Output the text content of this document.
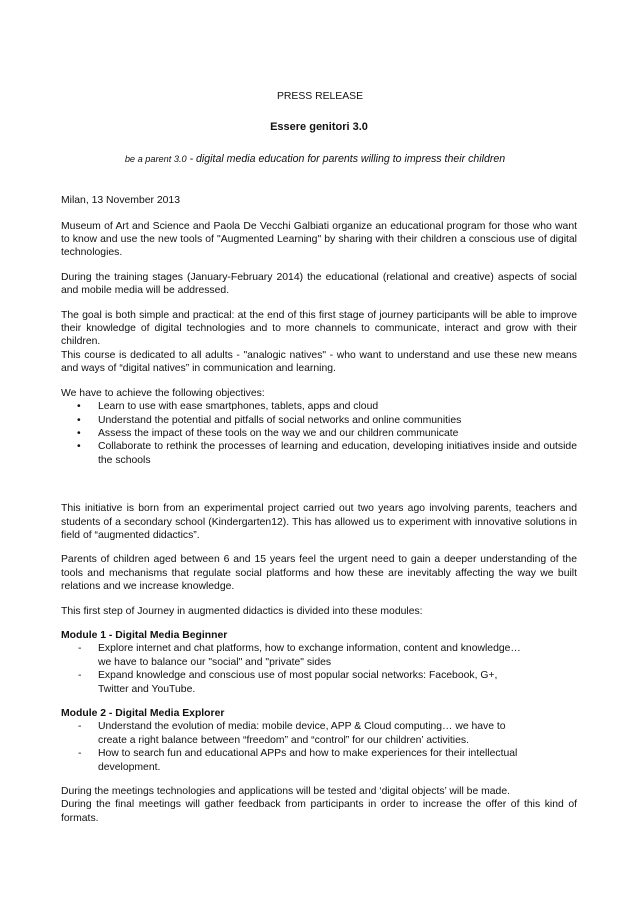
PRESS RELEASE
Essere genitori 3.0
be a parent 3.0 - digital media education for parents willing to impress their children

Milan, 13 November 2013

Museum of Art and Science and Paola De Vecchi Galbiati organize an educational program for those who want to know and use the new tools of "Augmented Learning" by sharing with their children a conscious use of digital technologies.

During the training stages (January-February 2014) the educational (relational and creative) aspects of social and mobile media will be addressed.

The goal is both simple and practical: at the end of this first stage of journey participants will be able to improve their knowledge of digital technologies and to more channels to communicate, interact and grow with their children.

This course is dedicated to all adults - "analogic natives" - who want to understand and use these new means and ways of “digital natives” in communication and learning.

We have to achieve the following objectives:

• Learn to use with ease smartphones, tablets, apps and cloud
• Understand the potential and pitfalls of social networks and online communities
• Assess the impact of these tools on the way we and our children communicate
• Collaborate to rethink the processes of learning and education, developing initiatives inside and outside the schools

This initiative is born from an experimental project carried out two years ago involving parents, teachers and students of a secondary school (Kindergarten12). This has allowed us to experiment with innovative solutions in field of “augmented didactics”.

Parents of children aged between 6 and 15 years feel the urgent need to gain a deeper understanding of the tools and mechanisms that regulate social platforms and how these are inevitably affecting the way we built relations and we increase knowledge.

This first step of Journey in augmented didactics is divided into these modules:

Module 1 - Digital Media Beginner
- Explore internet and chat platforms, how to exchange information, content and knowledge… we have to balance our "social" and "private" sides
- Expand knowledge and conscious use of most popular social networks: Facebook, G+, Twitter and YouTube.
Module 2 - Digital Media Explorer
- Understand the evolution of media: mobile device, APP & Cloud computing… we have to create a right balance between “freedom” and “control” for our children’ activities.
- How to search fun and educational APPs and how to make experiences for their intellectual development.

During the meetings technologies and applications will be tested and ‘digital objects’ will be made.

During the final meetings will gather feedback from participants in order to increase the offer of this kind of formats.
